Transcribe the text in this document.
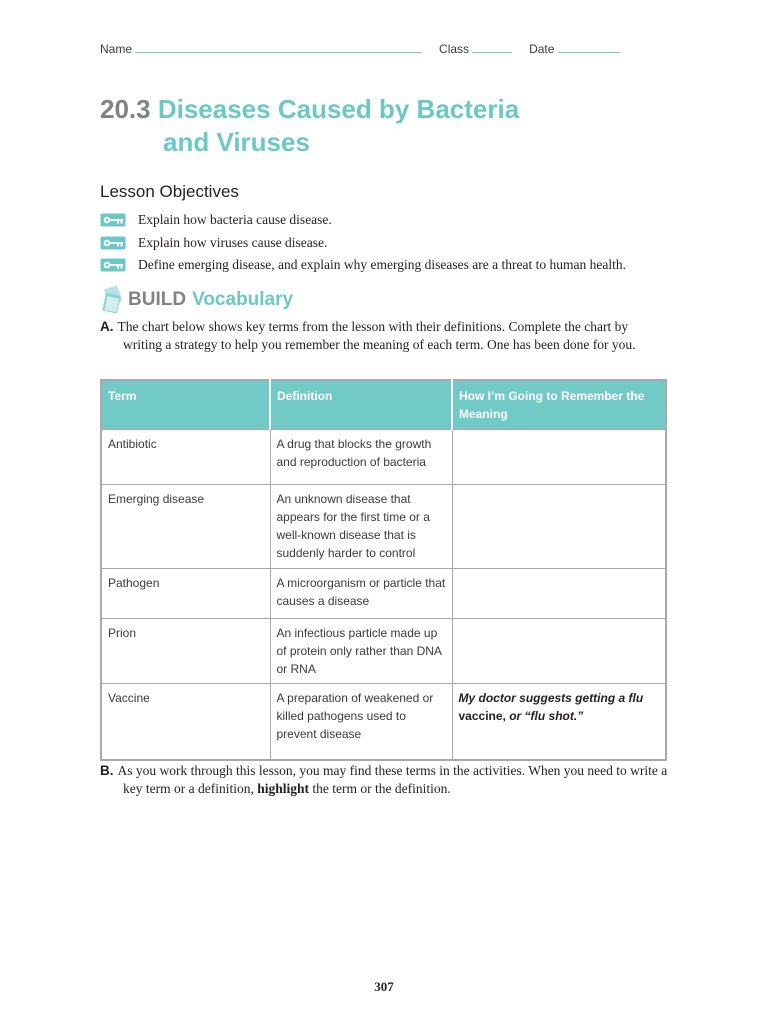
Name	Class	Date
20.3 Diseases Caused by Bacteria
and Viruses
Lesson Objectives
Explain how bacteria cause disease.
Explain how viruses cause disease.
Define emerging disease, and explain why emerging diseases are a threat to human health.
BUILD Vocabulary
A. The chart below shows key terms from the lesson with their definitions. Complete the chart by writing a strategy to help you remember the meaning of each term. One has been done for you.
Term	Definition	How I’m Going to Remember the Meaning
Antibiotic	A drug that blocks the growth and reproduction of bacteria	
Emerging disease	An unknown disease that appears for the first time or a well-known disease that is suddenly harder to control	
Pathogen	A microorganism or particle that causes a disease	
Prion	An infectious particle made up of protein only rather than DNA or RNA	
Vaccine	A preparation of weakened or killed pathogens used to prevent disease	My doctor suggests getting a flu vaccine, or “flu shot.”
B. As you work through this lesson, you may find these terms in the activities. When you need to write a key term or a definition, highlight the term or the definition.
307
